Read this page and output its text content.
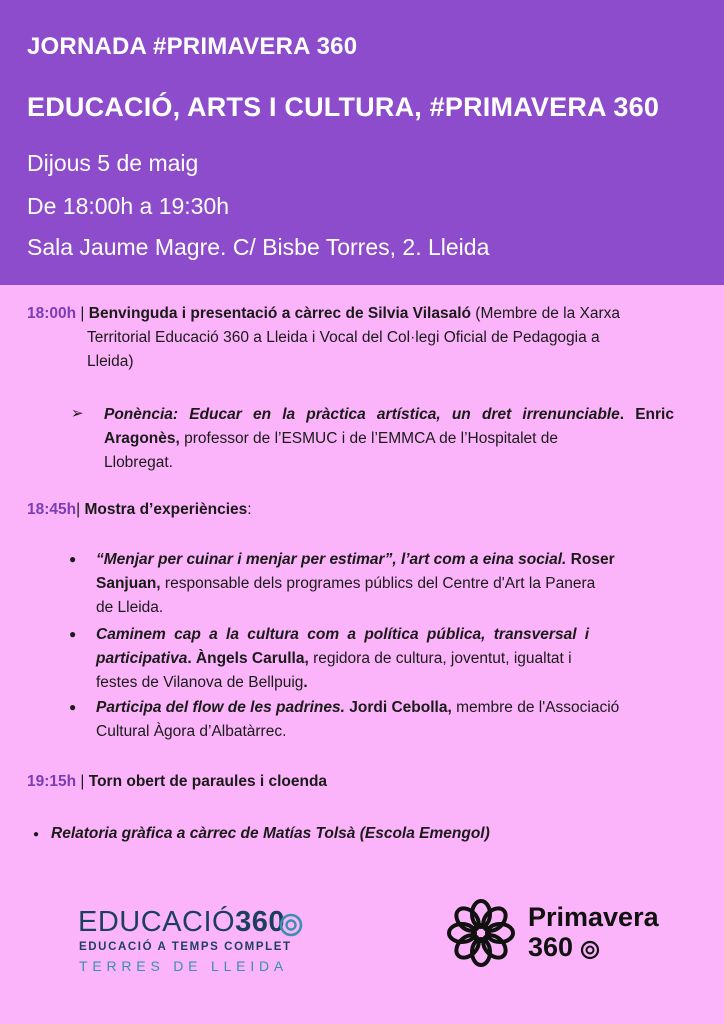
JORNADA #PRIMAVERA 360
EDUCACIÓ, ARTS I CULTURA, #PRIMAVERA 360
Dijous 5 de maig
De 18:00h a 19:30h
Sala Jaume Magre. C/ Bisbe Torres, 2. Lleida
18:00h | Benvinguda i presentació a càrrec de Silvia Vilasaló (Membre de la Xarxa
Territorial Educació 360 a Lleida i Vocal del Col·legi Oficial de Pedagogia a
Lleida)
➢ Ponència: Educar en la pràctica artística, un dret irrenunciable. Enric
Aragonès, professor de l’ESMUC i de l’EMMCA de l’Hospitalet de
Llobregat.
18:45h| Mostra d’experiències:
● “Menjar per cuinar i menjar per estimar”, l’art com a eina social. Roser
Sanjuan, responsable dels programes públics del Centre d'Art la Panera
de Lleida.
● Caminem cap a la cultura com a política pública, transversal i
participativa. Àngels Carulla, regidora de cultura, joventut, igualtat i
festes de Vilanova de Bellpuig.
● Participa del flow de les padrines. Jordi Cebolla, membre de l'Associació
Cultural Àgora d’Albatàrrec.
19:15h | Torn obert de paraules i cloenda
● Relatoria gràfica a càrrec de Matías Tolsà (Escola Emengol)
EDUCACIÓ360
EDUCACIÓ A TEMPS COMPLET
TERRES DE LLEIDA
Primavera
360
